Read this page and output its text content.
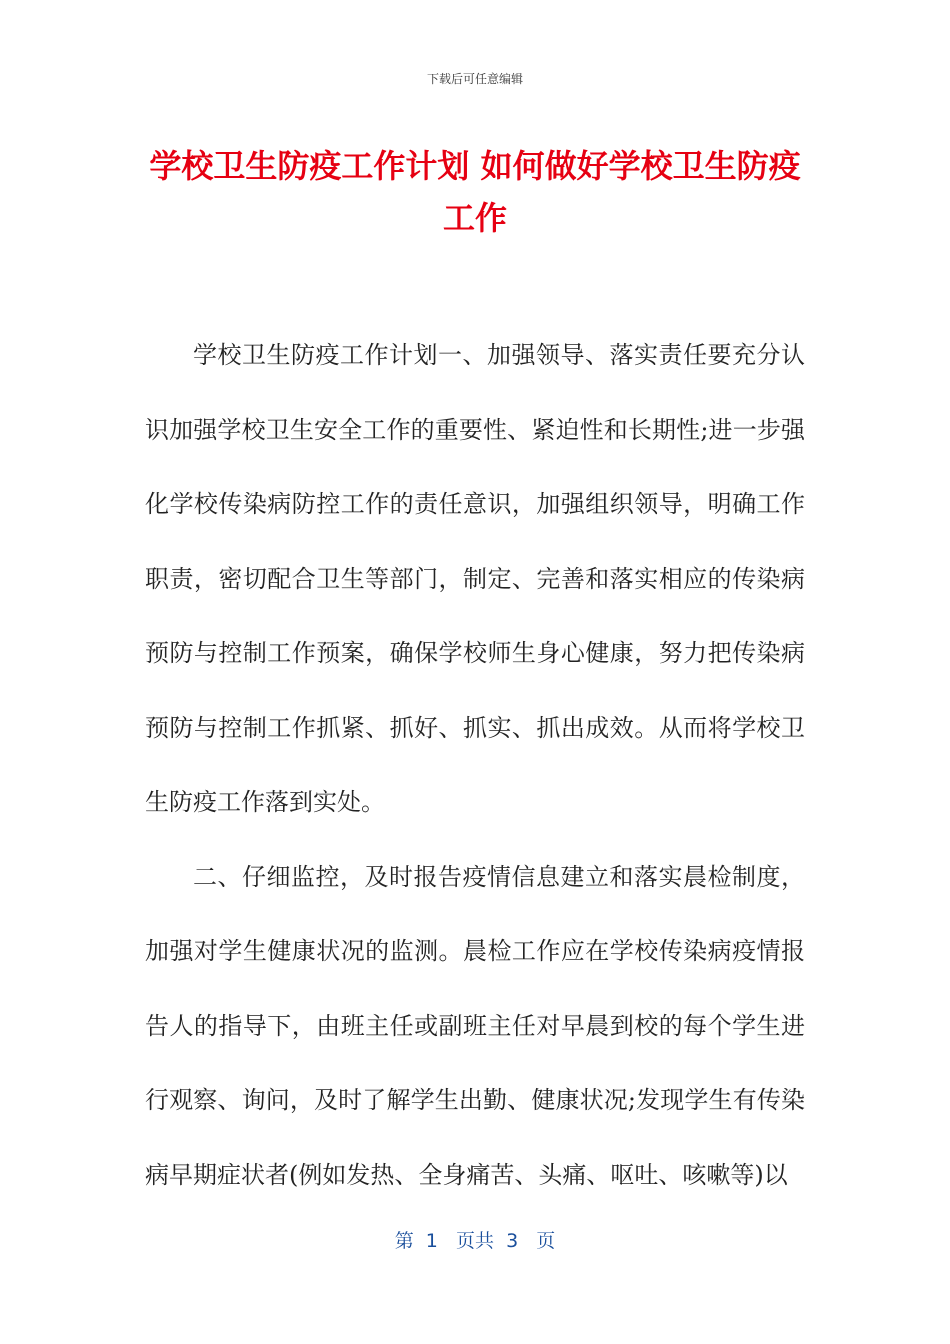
下载后可任意编辑
学校卫生防疫工作计划 如何做好学校卫生防疫工作

学校卫生防疫工作计划一、加强领导、落实责任要充分认识加强学校卫生安全工作的重要性、紧迫性和长期性;进一步强化学校传染病防控工作的责任意识，加强组织领导，明确工作职责，密切配合卫生等部门，制定、完善和落实相应的传染病预防与控制工作预案，确保学校师生身心健康，努力把传染病预防与控制工作抓紧、抓好、抓实、抓出成效。从而将学校卫生防疫工作落到实处。

二、仔细监控，及时报告疫情信息建立和落实晨检制度，加强对学生健康状况的监测。晨检工作应在学校传染病疫情报告人的指导下，由班主任或副班主任对早晨到校的每个学生进行观察、询问，及时了解学生出勤、健康状况;发现学生有传染病早期症状者(例如发热、全身痛苦、头痛、呕吐、咳嗽等)以

第  1   页共  3   页
